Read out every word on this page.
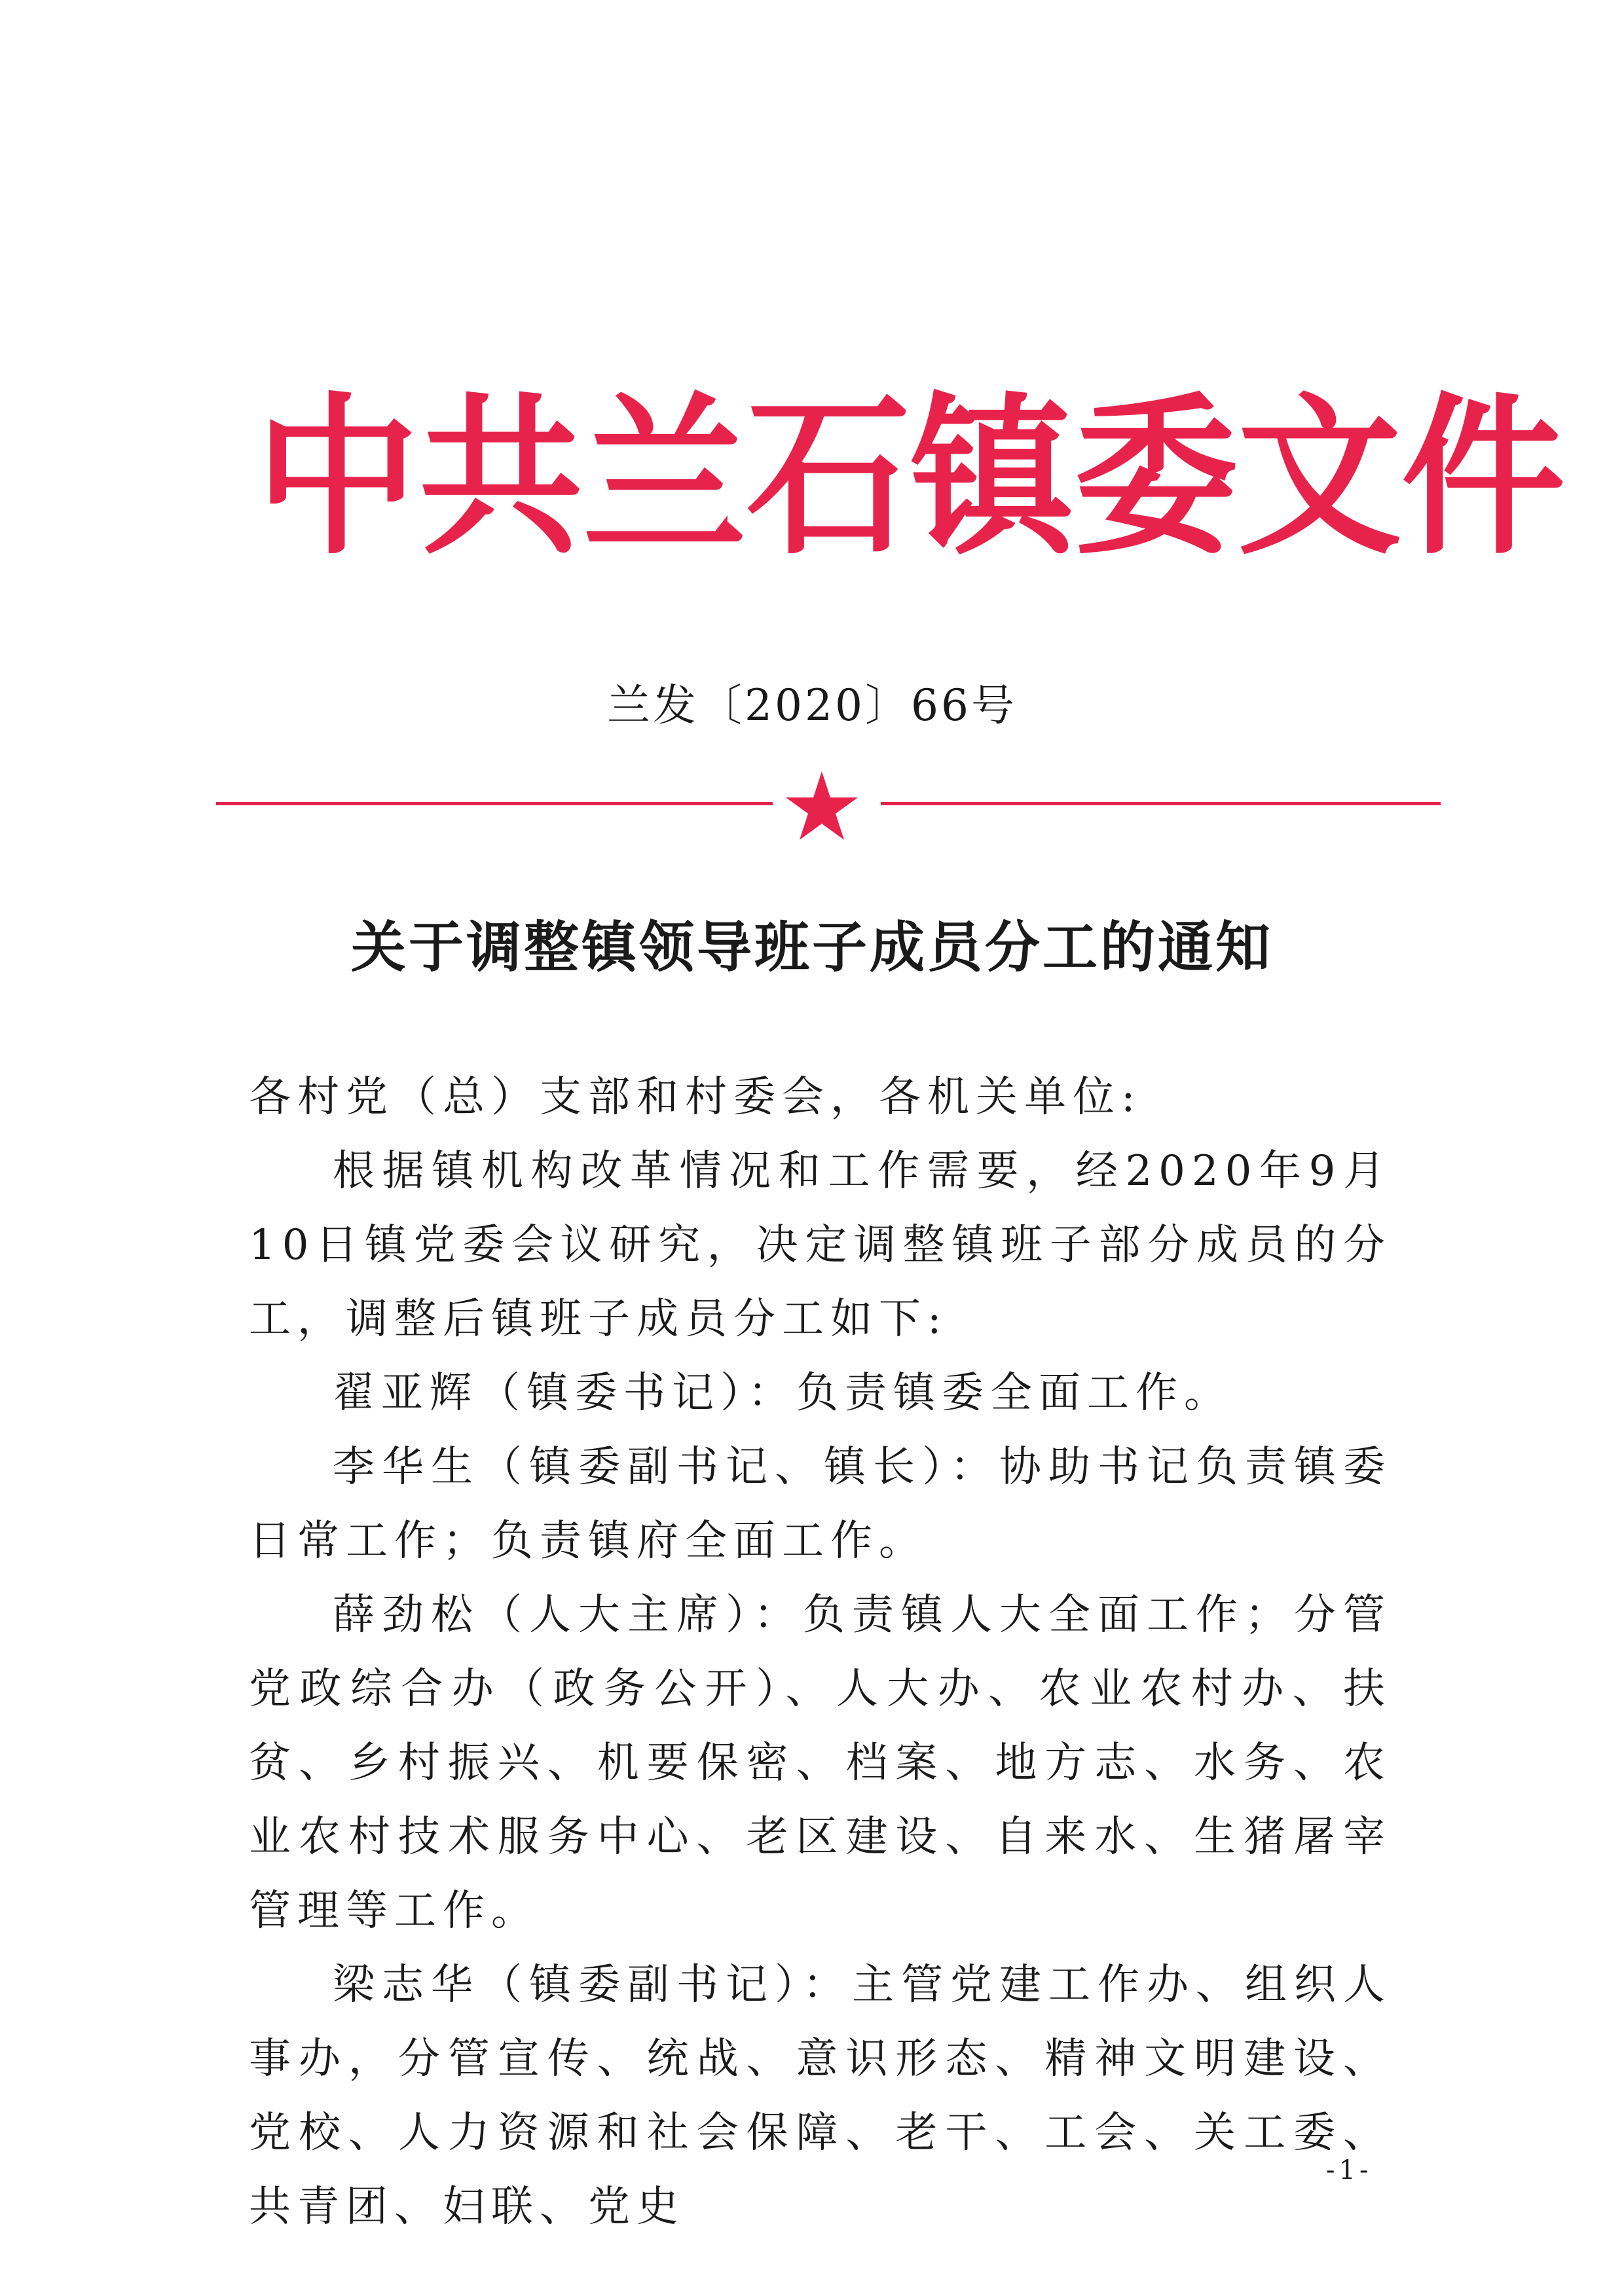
中 共 兰 石 镇 委 文 件
兰发〔2020〕66号
关于调整镇领导班子成员分工的通知

各村党（总）支部和村委会，各机关单位:

根据镇机构改革情况和工作需要，经2020年9月10日镇党委会议研究，决定调整镇班子部分成员的分工，调整后镇班子成员分工如下:

翟亚辉（镇委书记）：负责镇委全面工作。

李华生（镇委副书记、镇长）：协助书记负责镇委日常工作；负责镇府全面工作。

薛劲松（人大主席）：负责镇人大全面工作；分管党政综合办（政务公开）、人大办、农业农村办、扶贫、乡村振兴、机要保密、档案、地方志、水务、农业农村技术服务中心、老区建设、自来水、生猪屠宰管理等工作。

梁志华（镇委副书记）：主管党建工作办、组织人事办，分管宣传、统战、意识形态、精神文明建设、党校、人力资源和社会保障、老干、工会、关工委、共青团、妇联、党史

-1-
